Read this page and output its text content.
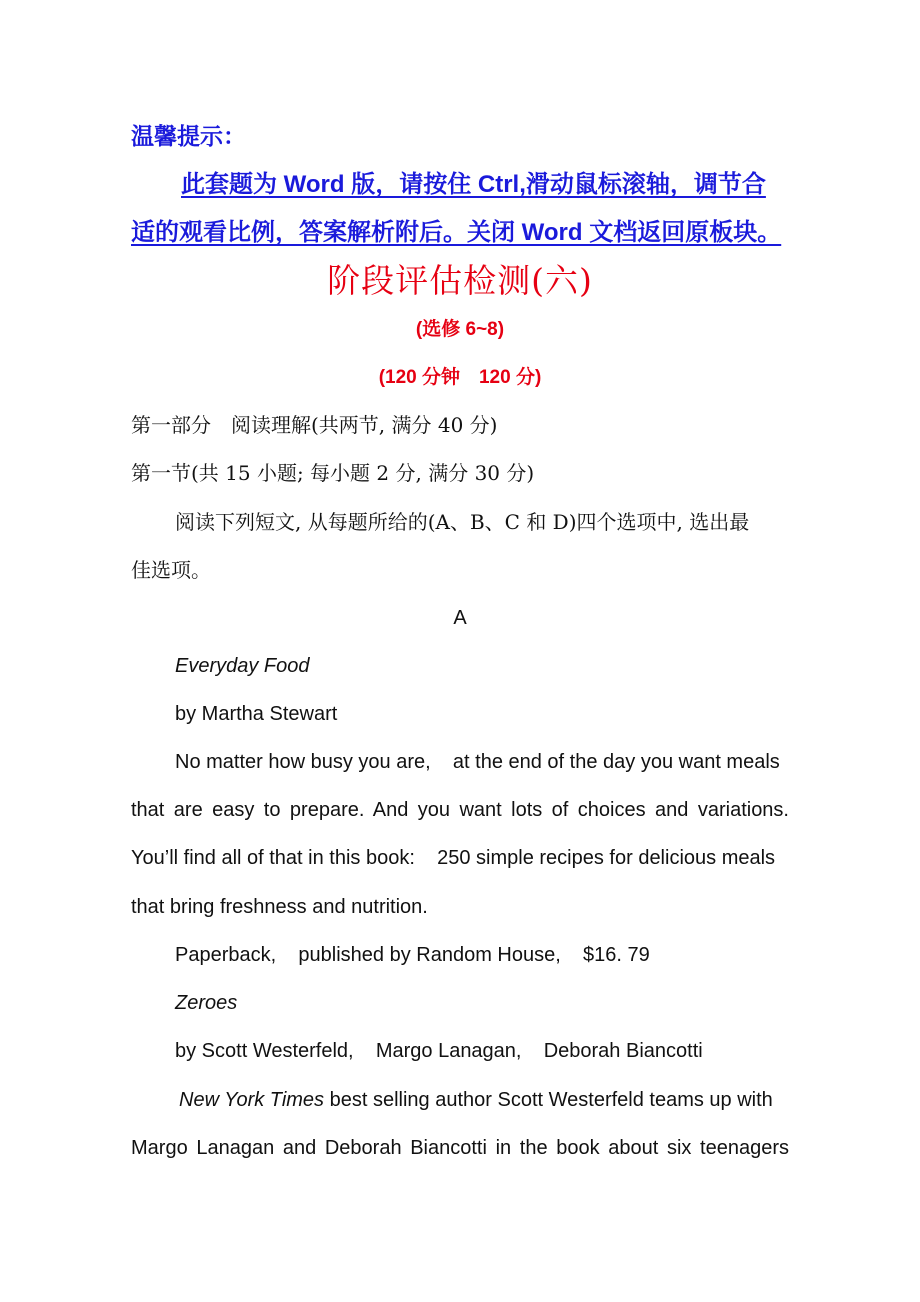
温馨提示：
此套题为 Word 版，请按住 Ctrl,滑动鼠标滚轴，调节合
适的观看比例，答案解析附后。关闭 Word 文档返回原板块。
阶段评估检测(六)
(选修 6~8)
(120 分钟　120 分)
第一部分　阅读理解(共两节, 满分 40 分)
第一节(共 15 小题; 每小题 2 分, 满分 30 分)
阅读下列短文, 从每题所给的(A、B、C 和 D)四个选项中, 选出最
佳选项。
A
Everyday Food
by Martha Stewart
No matter how busy you are,    at the end of the day you want meals
that are easy to prepare. And you want lots of choices and variations.
You’ll find all of that in this book:    250 simple recipes for delicious meals
that bring freshness and nutrition.
Paperback,    published by Random House,    $16. 79
Zeroes
by Scott Westerfeld,    Margo Lanagan,    Deborah Biancotti
New York Times best selling author Scott Westerfeld teams up with
Margo Lanagan and Deborah Biancotti in the book about six teenagers
